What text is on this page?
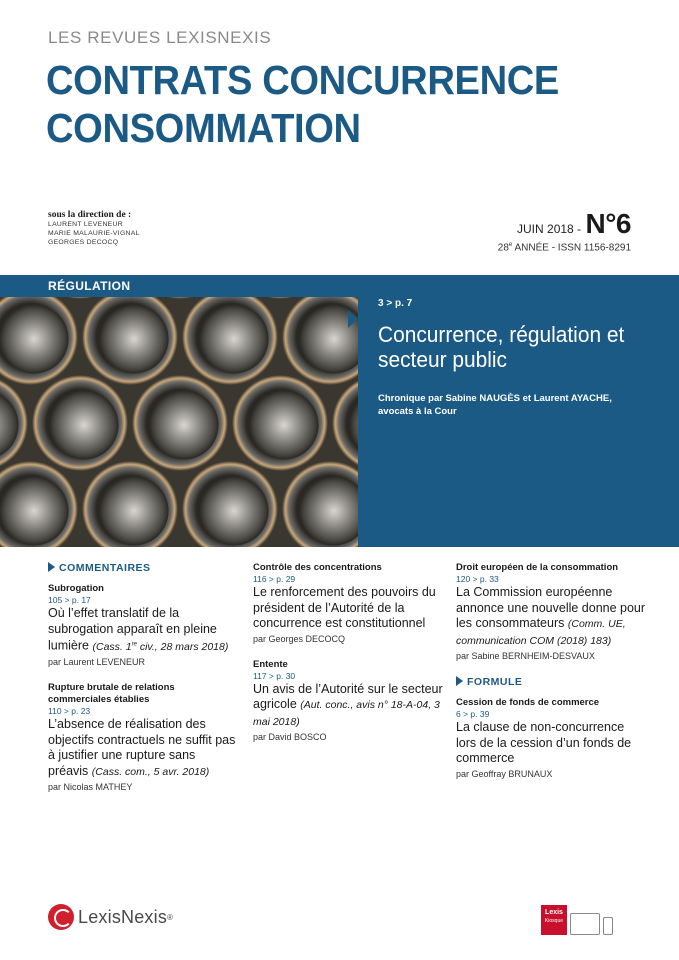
LES REVUES LEXISNEXIS
CONTRATS CONCURRENCE
CONSOMMATION
sous la direction de :
LAURENT LEVENEUR
MARIE MALAURIE-VIGNAL
GEORGES DECOCQ
JUIN 2018 - N°6
28e ANNÉE - ISSN 1156-8291
RÉGULATION
3 > p. 7
Concurrence, régulation et secteur public
Chronique par Sabine NAUGÈS et Laurent AYACHE, avocats à la Cour
COMMENTAIRES
Subrogation
105 > p. 17
Où l’effet translatif de la subrogation apparaît en pleine lumière (Cass. 1re civ., 28 mars 2018)
par Laurent LEVENEUR
Rupture brutale de relations commerciales établies
110 > p. 23
L’absence de réalisation des objectifs contractuels ne suffit pas à justifier une rupture sans préavis (Cass. com., 5 avr. 2018)
par Nicolas MATHEY
Contrôle des concentrations
116 > p. 29
Le renforcement des pouvoirs du président de l’Autorité de la concurrence est constitutionnel
par Georges DECOCQ
Entente
117 > p. 30
Un avis de l’Autorité sur le secteur agricole (Aut. conc., avis n° 18-A-04, 3 mai 2018)
par David BOSCO
Droit européen de la consommation
120 > p. 33
La Commission européenne annonce une nouvelle donne pour les consommateurs (Comm. UE, communication COM (2018) 183)
par Sabine BERNHEIM-DESVAUX
FORMULE
Cession de fonds de commerce
6 > p. 39
La clause de non-concurrence lors de la cession d’un fonds de commerce
par Geoffray BRUNAUX
LexisNexis ®	Lexis
Kiosque
